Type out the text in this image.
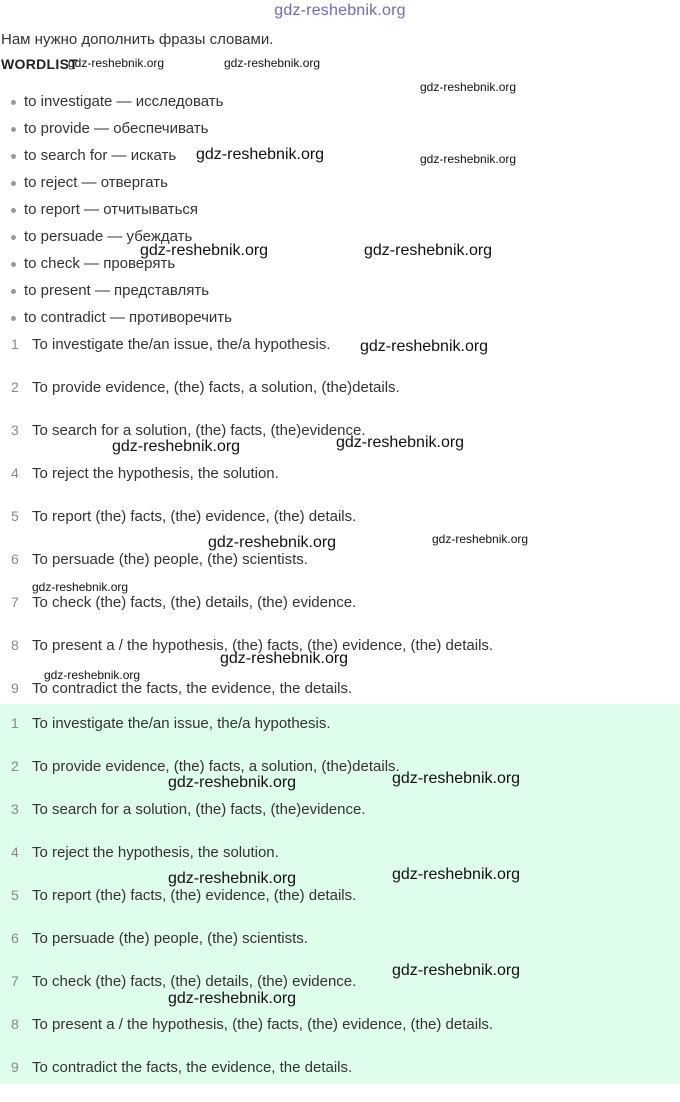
gdz-reshebnik.org
Нам нужно дополнить фразы словами.
WORDLIST
to investigate — исследовать
to provide — обеспечивать
to search for — искать
to reject — отвергать
to report — отчитываться
to persuade — убеждать
to check — проверять
to present — представлять
to contradict — противоречить
1 To investigate the/an issue, the/a hypothesis.
2 To provide evidence, (the) facts, a solution, (the)details.
3 To search for a solution, (the) facts, (the)evidence.
4 To reject the hypothesis, the solution.
5 To report (the) facts, (the) evidence, (the) details.
6 To persuade (the) people, (the) scientists.
7 To check (the) facts, (the) details, (the) evidence.
8 To present a / the hypothesis, (the) facts, (the) evidence, (the) details.
9 To contradict the facts, the evidence, the details.
1 To investigate the/an issue, the/a hypothesis.
2 To provide evidence, (the) facts, a solution, (the)details.
3 To search for a solution, (the) facts, (the)evidence.
4 To reject the hypothesis, the solution.
5 To report (the) facts, (the) evidence, (the) details.
6 To persuade (the) people, (the) scientists.
7 To check (the) facts, (the) details, (the) evidence.
8 To present a / the hypothesis, (the) facts, (the) evidence, (the) details.
9 To contradict the facts, the evidence, the details.
gdz-reshebnik.org	gdz-reshebnik.org
gdz-reshebnik.org
gdz-reshebnik.org	gdz-reshebnik.org
gdz-reshebnik.org	gdz-reshebnik.org
gdz-reshebnik.org
gdz-reshebnik.org
gdz-reshebnik.org
gdz-reshebnik.org
gdz-reshebnik.org
gdz-reshebnik.org
gdz-reshebnik.org
gdz-reshebnik.org
gdz-reshebnik.org
gdz-reshebnik.org
gdz-reshebnik.org
gdz-reshebnik.org
gdz-reshebnik.org
gdz-reshebnik.org
